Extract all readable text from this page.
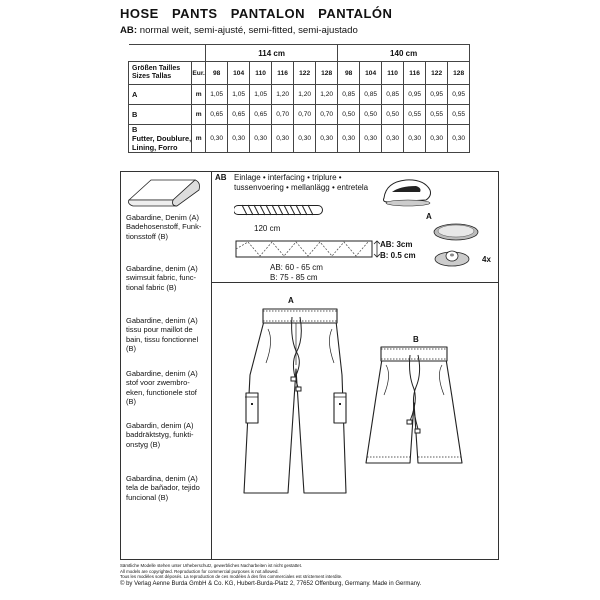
HOSE PANTS PANTALON PANTALÓN
AB: normal weit, semi-ajusté, semi-fitted, semi-ajustado
		114 cm						140 cm					

Größen Tailles
Sizes Tallas	Eur.	98	104	110	116	122	128	98	104	110	116	122	128
A	m	1,05	1,05	1,05	1,20	1,20	1,20	0,85	0,85	0,85	0,95	0,95	0,95
B	m	0,65	0,65	0,65	0,70	0,70	0,70	0,50	0,50	0,50	0,55	0,55	0,55

B
Futter, Doublure,
Lining, Forro	m	0,30	0,30	0,30	0,30	0,30	0,30	0,30	0,30	0,30	0,30	0,30	0,30
Gabardine, Denim (A)
Badehosenstoff, Funk-
tionsstoff (B)
Gabardine, denim (A)
swimsuit fabric, func-
tional fabric (B)
Gabardine, denim (A)
tissu pour maillot de
bain, tissu fonctionnel
(B)
Gabardine, denim (A)
stof voor zwembro-
eken, functionele stof
(B)
Gabardin, denim (A)
baddräktstyg, funkti-
onstyg (B)
Gabardina, denim (A)
tela de bañador, tejido
funcional (B)
AB Einlage • interfacing • triplure •
tussenvoering • mellanlägg • entretela
120 cm
AB: 3cm
B: 0.5 cm
AB: 60 - 65 cm
B: 75 - 85 cm
A
4x
A
B
Sämtliche Modelle stehen unter Urheberschutz, gewerbliches Nacharbeiten ist nicht gestattet.
All models are copyrighted. Reproduction for commercial purposes is not allowed.
Tous les modèles sont déposés. La reproduction de ces modèles à des fins commerciales est strictement interdite.
© by Verlag Aenne Burda GmbH & Co. KG, Hubert-Burda-Platz 2, 77652 Offenburg, Germany. Made in Germany.
